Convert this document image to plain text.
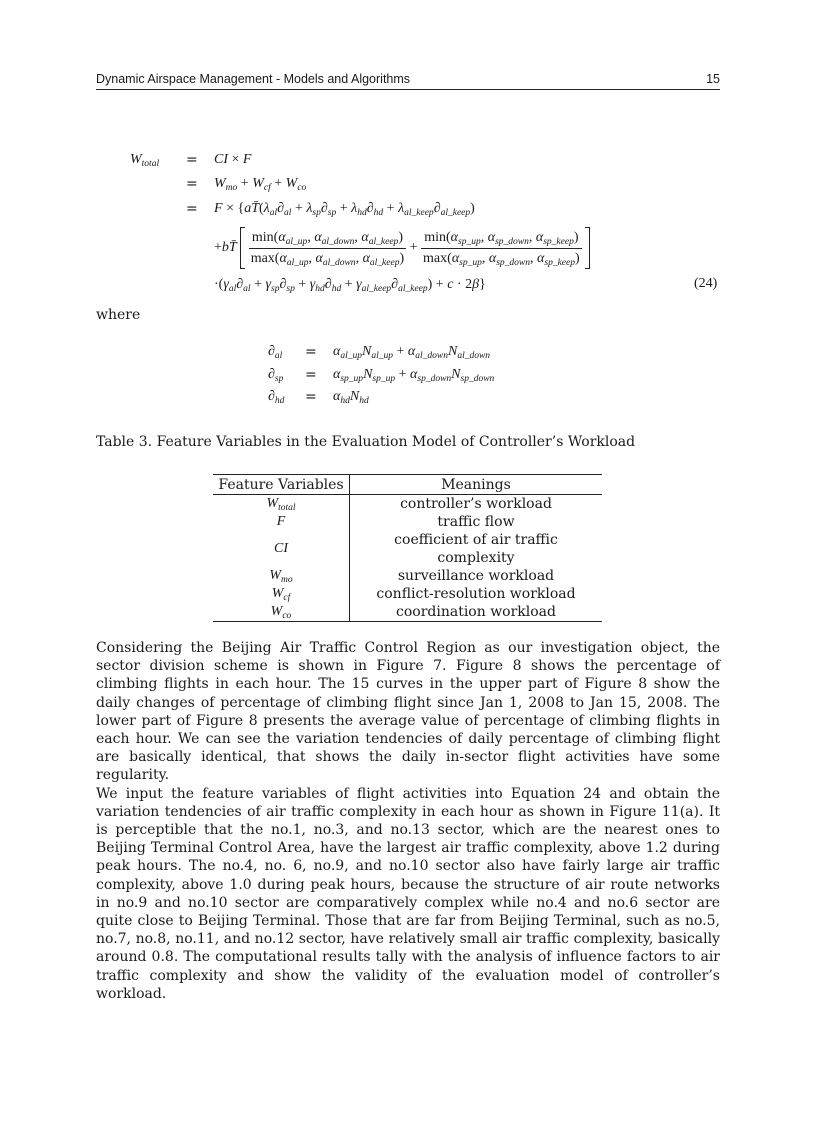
Dynamic Airspace Management - Models and Algorithms	15
$W_{total}$ = CI × F
= $W_{mo} + W_{cf} + W_{co}$
= $F \times \{aT̄(\lambda_{al}\partial_{al} + \lambda_{sp}\partial_{sp} + \lambda_{hd}\partial_{hd} + \lambda_{al\_keep}\partial_{al\_keep})$
+bT̄ $\frac{\min(\alpha_{al\_up}, \alpha_{al\_down}, \alpha_{al\_keep})}{\max(\alpha_{al\_up}, \alpha_{al\_down}, \alpha_{al\_keep})} + \frac{\min(\alpha_{sp\_up}, \alpha_{sp\_down}, \alpha_{sp\_keep})}{\max(\alpha_{sp\_up}, \alpha_{sp\_down}, \alpha_{sp\_keep})}$

$\cdot(\gamma_{al}\partial_{al} + \gamma_{sp}\partial_{sp} + \gamma_{hd}\partial_{hd} + \gamma_{al\_keep}\partial_{al\_keep}) + c \cdot 2\beta$}	(24)
where
$\partial_{al} = \alpha_{al\_up}N_{al\_up} + \alpha_{al\_down}N_{al\_down}$
$\partial_{sp} = \alpha_{sp\_up}N_{sp\_up} + \alpha_{sp\_down}N_{sp\_down}$
$\partial_{hd} = \alpha_{hd}N_{hd}$
Table 3. Feature Variables in the Evaluation Model of Controller’s Workload
Feature Variables	Meanings
$W_{total}$	controller’s workload
F	traffic flow
CI	coefficient of air traffic complexity
$W_{mo}$	surveillance workload
$W_{cf}$	conflict-resolution workload
$W_{co}$	coordination workload

Considering the Beijing Air Traffic Control Region as our investigation object, the sector division scheme is shown in Figure 7. Figure 8 shows the percentage of climbing flights in each hour. The 15 curves in the upper part of Figure 8 show the daily changes of percentage of climbing flight since Jan 1, 2008 to Jan 15, 2008. The lower part of Figure 8 presents the average value of percentage of climbing flights in each hour. We can see the variation tendencies of daily percentage of climbing flight are basically identical, that shows the daily in-sector flight activities have some regularity.

We input the feature variables of flight activities into Equation 24 and obtain the variation tendencies of air traffic complexity in each hour as shown in Figure 11(a). It is perceptible that the no.1, no.3, and no.13 sector, which are the nearest ones to Beijing Terminal Control Area, have the largest air traffic complexity, above 1.2 during peak hours. The no.4, no. 6, no.9, and no.10 sector also have fairly large air traffic complexity, above 1.0 during peak hours, because the structure of air route networks in no.9 and no.10 sector are comparatively complex while no.4 and no.6 sector are quite close to Beijing Terminal. Those that are far from Beijing Terminal, such as no.5, no.7, no.8, no.11, and no.12 sector, have relatively small air traffic complexity, basically around 0.8. The computational results tally with the analysis of influence factors to air traffic complexity and show the validity of the evaluation model of controller’s workload.
